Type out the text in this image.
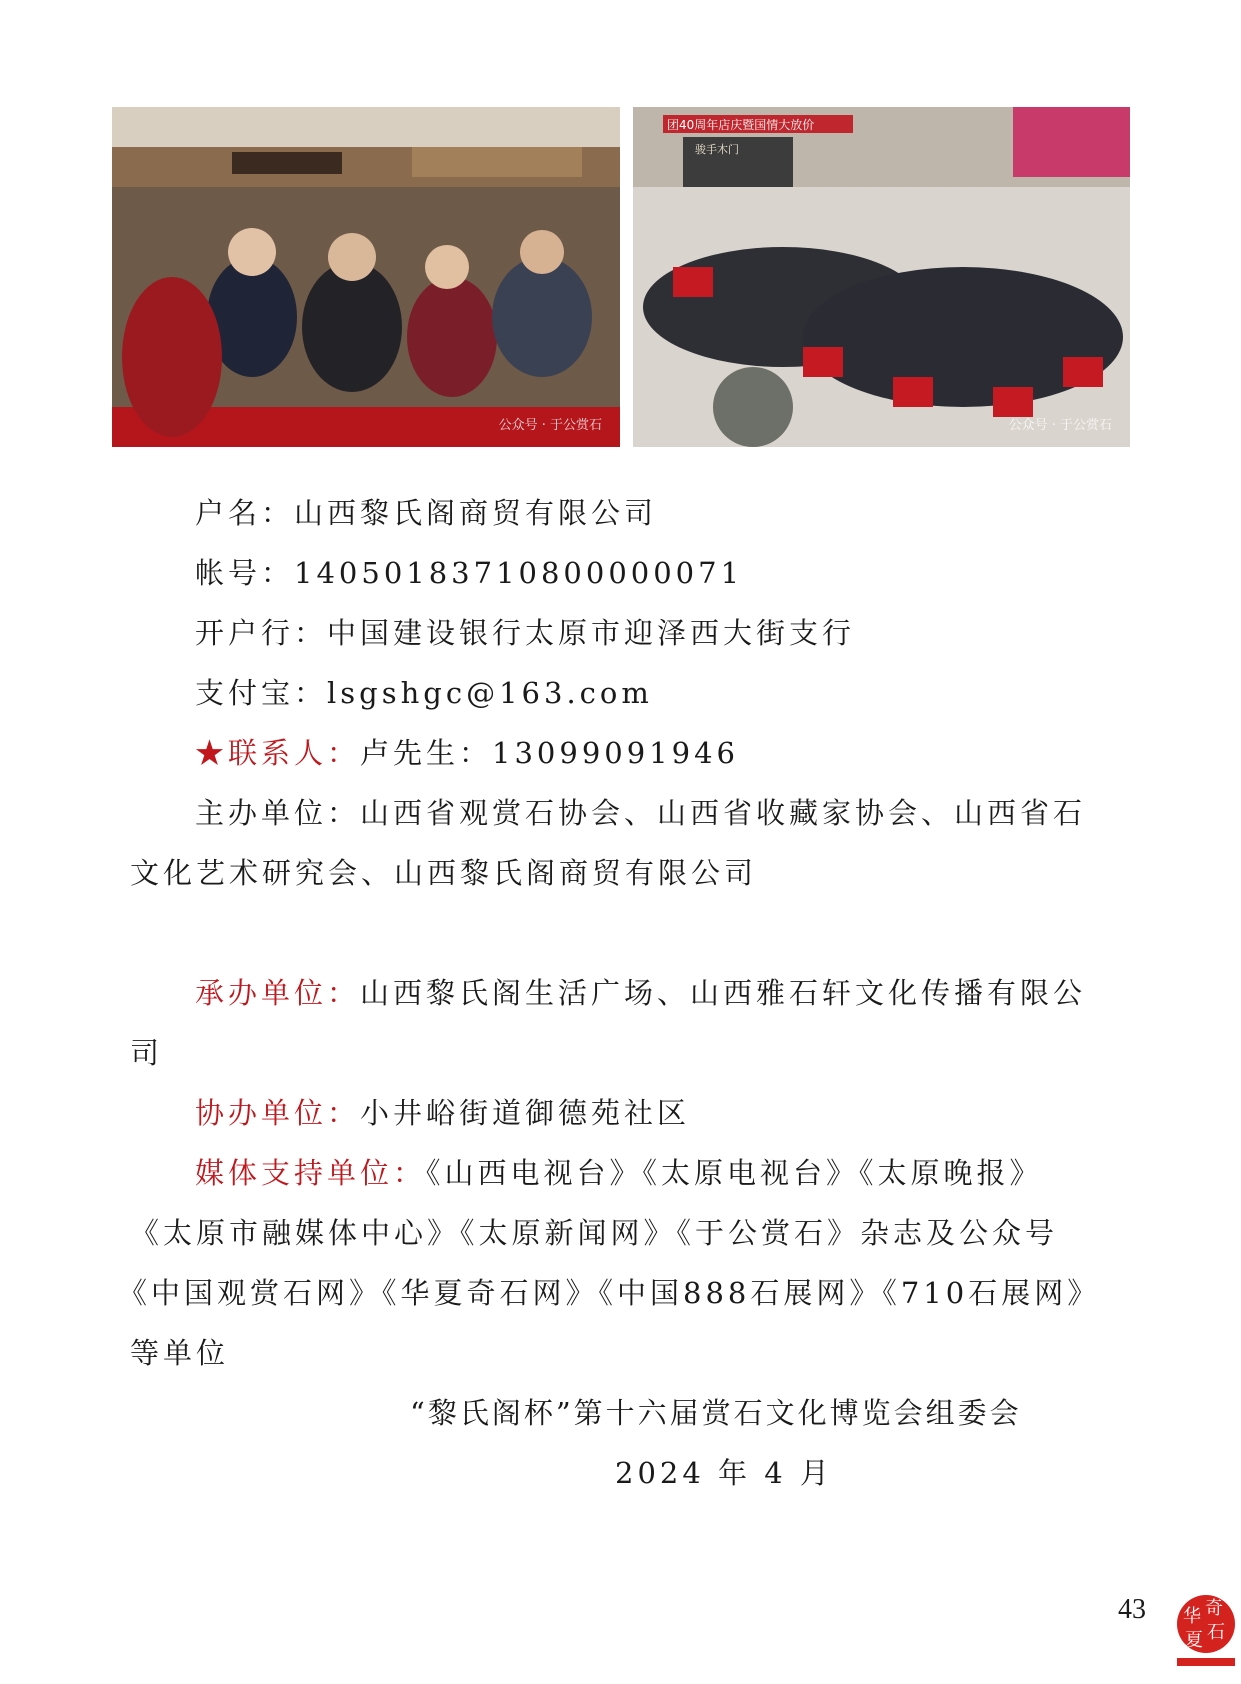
公众号 · 于公赏石
团40周年店庆暨国情大放价
骏手木门
公众号 · 于公赏石
户名：山西黎氏阁商贸有限公司
帐号：14050183710800000071
开户行：中国建设银行太原市迎泽西大街支行
支付宝：lsgshgc@163.com
★联系人：卢先生：13099091946
主办单位：山西省观赏石协会、山西省收藏家协会、山西省石
文化艺术研究会、山西黎氏阁商贸有限公司
承办单位：山西黎氏阁生活广场、山西雅石轩文化传播有限公
司
协办单位：小井峪街道御德苑社区
媒体支持单位：《山西电视台》《太原电视台》《太原晚报》
《太原市融媒体中心》《太原新闻网》《于公赏石》杂志及公众号
《中国观赏石网》《华夏奇石网》《中国888石展网》《710石展网》
等单位
“黎氏阁杯”第十六届赏石文化博览会组委会
2024 年 4 月
43 华 奇
夏 石
